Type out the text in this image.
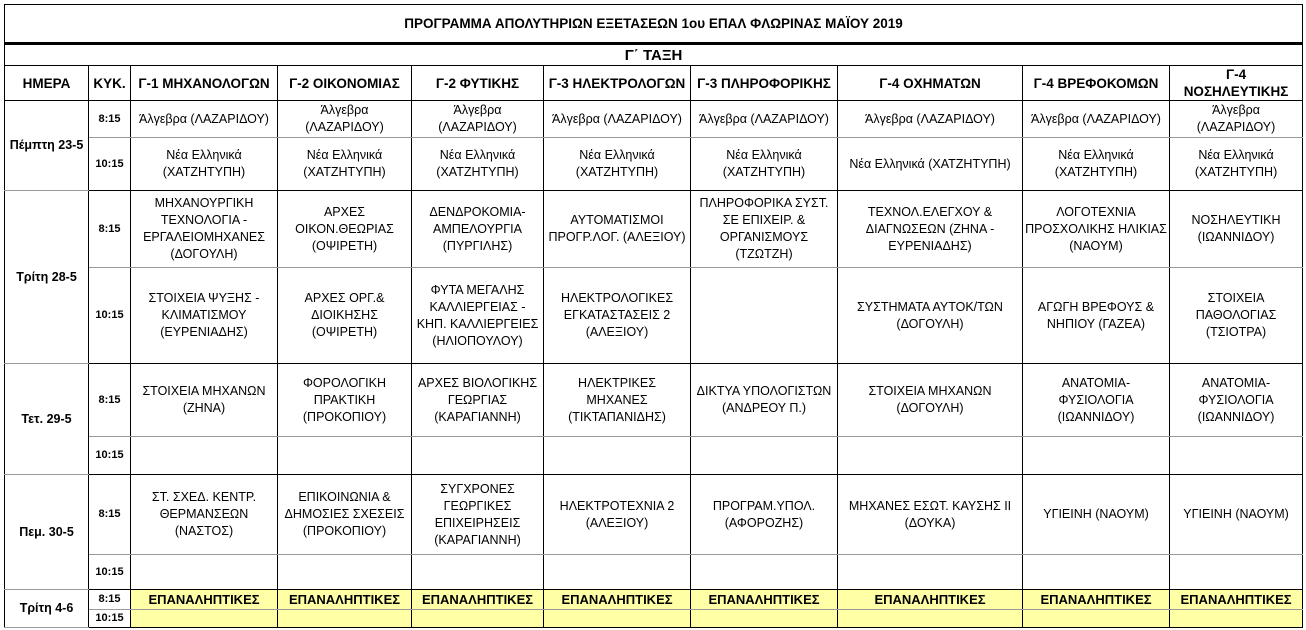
ΠΡΟΓΡΑΜΜΑ ΑΠΟΛΥΤΗΡΙΩΝ ΕΞΕΤΑΣΕΩΝ 1ου ΕΠΑΛ ΦΛΩΡΙΝΑΣ ΜΑΪΟΥ 2019									
Γ΄ ΤΑΞΗ									
ΗΜΕΡΑ	ΚΥΚ.	Γ-1 ΜΗΧΑΝΟΛΟΓΩΝ	Γ-2 ΟΙΚΟΝΟΜΙΑΣ	Γ-2 ΦΥΤΙΚΗΣ	Γ-3 ΗΛΕΚΤΡΟΛΟΓΩΝ	Γ-3 ΠΛΗΡΟΦΟΡΙΚΗΣ	Γ-4 ΟΧΗΜΑΤΩΝ	Γ-4 ΒΡΕΦΟΚΟΜΩΝ	Γ-4 ΝΟΣΗΛΕΥΤΙΚΗΣ
Πέμπτη 23-5	8:15	Άλγεβρα (ΛΑΖΑΡΙΔΟΥ)	Άλγεβρα (ΛΑΖΑΡΙΔΟΥ)	Άλγεβρα (ΛΑΖΑΡΙΔΟΥ)	Άλγεβρα (ΛΑΖΑΡΙΔΟΥ)	Άλγεβρα (ΛΑΖΑΡΙΔΟΥ)	Άλγεβρα (ΛΑΖΑΡΙΔΟΥ)	Άλγεβρα (ΛΑΖΑΡΙΔΟΥ)	Άλγεβρα (ΛΑΖΑΡΙΔΟΥ)
	10:15	Νέα Ελληνικά (ΧΑΤΖΗΤΥΠΗ)	Νέα Ελληνικά (ΧΑΤΖΗΤΥΠΗ)	Νέα Ελληνικά (ΧΑΤΖΗΤΥΠΗ)	Νέα Ελληνικά (ΧΑΤΖΗΤΥΠΗ)	Νέα Ελληνικά (ΧΑΤΖΗΤΥΠΗ)	Νέα Ελληνικά (ΧΑΤΖΗΤΥΠΗ)	Νέα Ελληνικά (ΧΑΤΖΗΤΥΠΗ)	Νέα Ελληνικά (ΧΑΤΖΗΤΥΠΗ)
Τρίτη 28-5	8:15	ΜΗΧΑΝΟΥΡΓΙΚΗ ΤΕΧΝΟΛΟΓΙΑ - ΕΡΓΑΛΕΙΟΜΗΧΑΝΕΣ (ΔΟΓΟΥΛΗ)	ΑΡΧΕΣ ΟΙΚΟΝ.ΘΕΩΡΙΑΣ (ΟΨΙΡΕΤΗ)	ΔΕΝΔΡΟΚΟΜΙΑ-ΑΜΠΕΛΟΥΡΓΙΑ (ΠΥΡΓΙΛΗΣ)	ΑΥΤΟΜΑΤΙΣΜΟΙ ΠΡΟΓΡ.ΛΟΓ. (ΑΛΕΞΙΟΥ)	ΠΛΗΡΟΦΟΡΙΚΑ ΣΥΣΤ. ΣΕ ΕΠΙΧΕΙΡ. & ΟΡΓΑΝΙΣΜΟΥΣ (ΤΖΩΤΖΗ)	ΤΕΧΝΟΛ.ΕΛΕΓΧΟΥ & ΔΙΑΓΝΩΣΕΩΝ (ΖΗΝΑ - ΕΥΡΕΝΙΑΔΗΣ)	ΛΟΓΟΤΕΧΝΙΑ ΠΡΟΣΧΟΛΙΚΗΣ ΗΛΙΚΙΑΣ (ΝΑΟΥΜ)	ΝΟΣΗΛΕΥΤΙΚΗ (ΙΩΑΝΝΙΔΟΥ)
	10:15	ΣΤΟΙΧΕΙΑ ΨΥΞΗΣ - ΚΛΙΜΑΤΙΣΜΟΥ (ΕΥΡΕΝΙΑΔΗΣ)	ΑΡΧΕΣ ΟΡΓ.& ΔΙΟΙΚΗΣΗΣ (ΟΨΙΡΕΤΗ)	ΦΥΤΑ ΜΕΓΑΛΗΣ ΚΑΛΛΙΕΡΓΕΙΑΣ - ΚΗΠ. ΚΑΛΛΙΕΡΓΕΙΕΣ (ΗΛΙΟΠΟΥΛΟΥ)	ΗΛΕΚΤΡΟΛΟΓΙΚΕΣ ΕΓΚΑΤΑΣΤΑΣΕΙΣ 2 (ΑΛΕΞΙΟΥ)		ΣΥΣΤΗΜΑΤΑ ΑΥΤΟΚ/ΤΩΝ (ΔΟΓΟΥΛΗ)	ΑΓΩΓΗ ΒΡΕΦΟΥΣ & ΝΗΠΙΟΥ (ΓΑΖΕΑ)	ΣΤΟΙΧΕΙΑ ΠΑΘΟΛΟΓΙΑΣ (ΤΣΙΟΤΡΑ)
Τετ. 29-5	8:15	ΣΤΟΙΧΕΙΑ ΜΗΧΑΝΩΝ (ΖΗΝΑ)	ΦΟΡΟΛΟΓΙΚΗ ΠΡΑΚΤΙΚΗ (ΠΡΟΚΟΠΙΟΥ)	ΑΡΧΕΣ ΒΙΟΛΟΓΙΚΗΣ ΓΕΩΡΓΙΑΣ (ΚΑΡΑΓΙΑΝΝΗ)	ΗΛΕΚΤΡΙΚΕΣ ΜΗΧΑΝΕΣ (ΤΙΚΤΑΠΑΝΙΔΗΣ)	ΔΙΚΤΥΑ ΥΠΟΛΟΓΙΣΤΩΝ (ΑΝΔΡΕΟΥ Π.)	ΣΤΟΙΧΕΙΑ ΜΗΧΑΝΩΝ (ΔΟΓΟΥΛΗ)	ΑΝΑΤΟΜΙΑ-ΦΥΣΙΟΛΟΓΙΑ (ΙΩΑΝΝΙΔΟΥ)	ΑΝΑΤΟΜΙΑ-ΦΥΣΙΟΛΟΓΙΑ (ΙΩΑΝΝΙΔΟΥ)
	10:15								
Πεμ. 30-5	8:15	ΣΤ. ΣΧΕΔ. ΚΕΝΤΡ. ΘΕΡΜΑΝΣΕΩΝ (ΝΑΣΤΟΣ)	ΕΠΙΚΟΙΝΩΝΙΑ & ΔΗΜΟΣΙΕΣ ΣΧΕΣΕΙΣ (ΠΡΟΚΟΠΙΟΥ)	ΣΥΓΧΡΟΝΕΣ ΓΕΩΡΓΙΚΕΣ ΕΠΙΧΕΙΡΗΣΕΙΣ (ΚΑΡΑΓΙΑΝΝΗ)	ΗΛΕΚΤΡΟΤΕΧΝΙΑ 2 (ΑΛΕΞΙΟΥ)	ΠΡΟΓΡΑΜ.ΥΠΟΛ. (ΑΦΟΡΟΖΗΣ)	ΜΗΧΑΝΕΣ ΕΣΩΤ. ΚΑΥΣΗΣ ΙΙ (ΔΟΥΚΑ)	ΥΓΙΕΙΝΗ (ΝΑΟΥΜ)	ΥΓΙΕΙΝΗ (ΝΑΟΥΜ)
	10:15								
Τρίτη 4-6	8:15	ΕΠΑΝΑΛΗΠΤΙΚΕΣ	ΕΠΑΝΑΛΗΠΤΙΚΕΣ	ΕΠΑΝΑΛΗΠΤΙΚΕΣ	ΕΠΑΝΑΛΗΠΤΙΚΕΣ	ΕΠΑΝΑΛΗΠΤΙΚΕΣ	ΕΠΑΝΑΛΗΠΤΙΚΕΣ	ΕΠΑΝΑΛΗΠΤΙΚΕΣ	ΕΠΑΝΑΛΗΠΤΙΚΕΣ
	10:15								
